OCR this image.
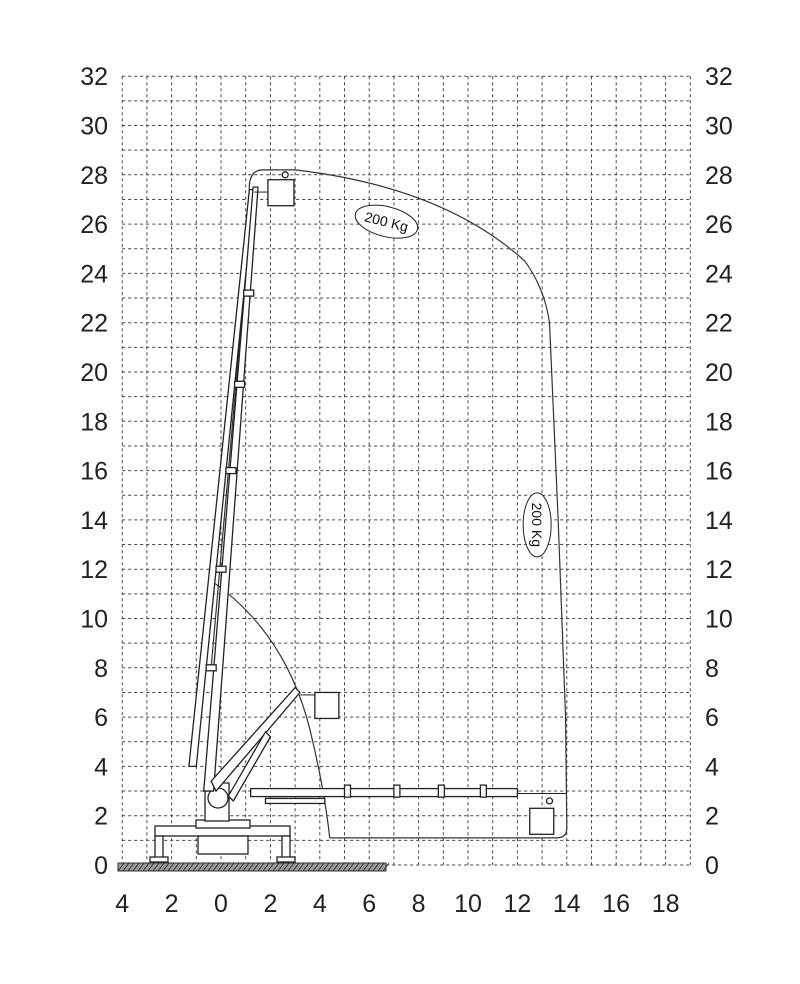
200 Kg
200 Kg
4 2 0 2 4 6 8 10 12 14 16 18
0
2
4
6
8
10
12
14
16
18
20
22
24
26
28
30
32
0
2
4
6
8
10
12
14
16
18
20
22
24
26
28
30
32
